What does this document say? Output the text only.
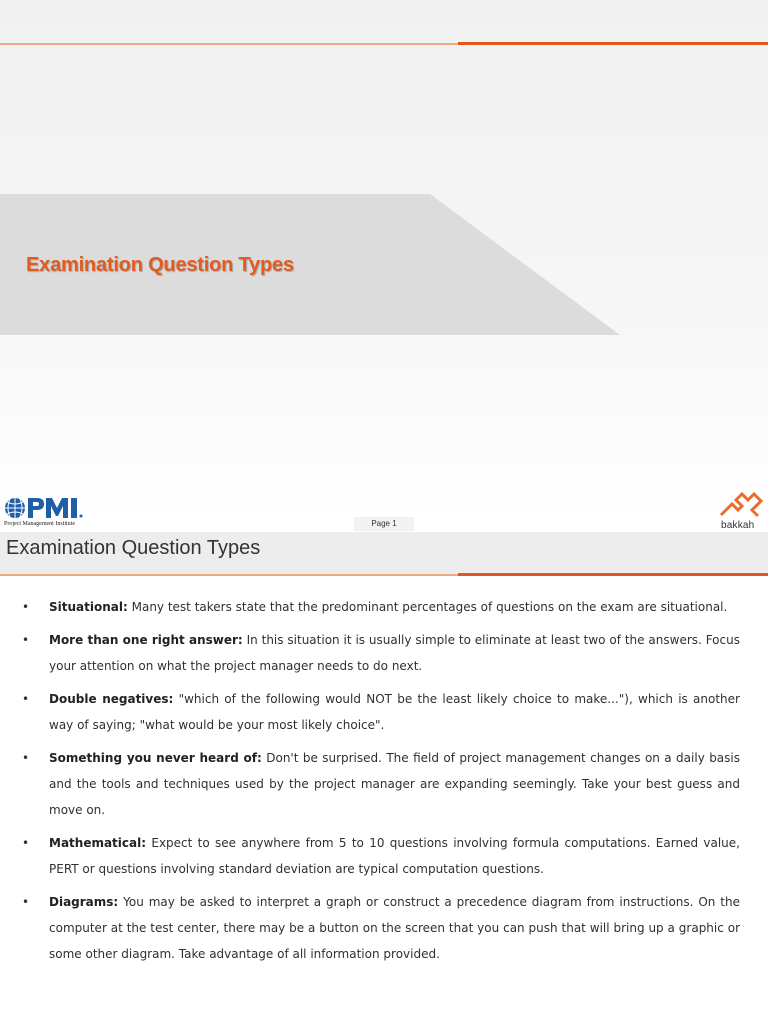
Examination Question Types
Project Management Institute	Page 1	bakkah
Examination Question Types
• Situational: Many test takers state that the predominant percentages of questions on the exam are situational.
• More than one right answer: In this situation it is usually simple to eliminate at least two of the answers. Focus your attention on what the project manager needs to do next.
• Double negatives: "which of the following would NOT be the least likely choice to make..."), which is another way of saying; "what would be your most likely choice".
• Something you never heard of: Don't be surprised. The field of project management changes on a daily basis and the tools and techniques used by the project manager are expanding seemingly. Take your best guess and move on.
• Mathematical: Expect to see anywhere from 5 to 10 questions involving formula computations. Earned value, PERT or questions involving standard deviation are typical computation questions.
• Diagrams: You may be asked to interpret a graph or construct a precedence diagram from instructions. On the computer at the test center, there may be a button on the screen that you can push that will bring up a graphic or some other diagram. Take advantage of all information provided.
